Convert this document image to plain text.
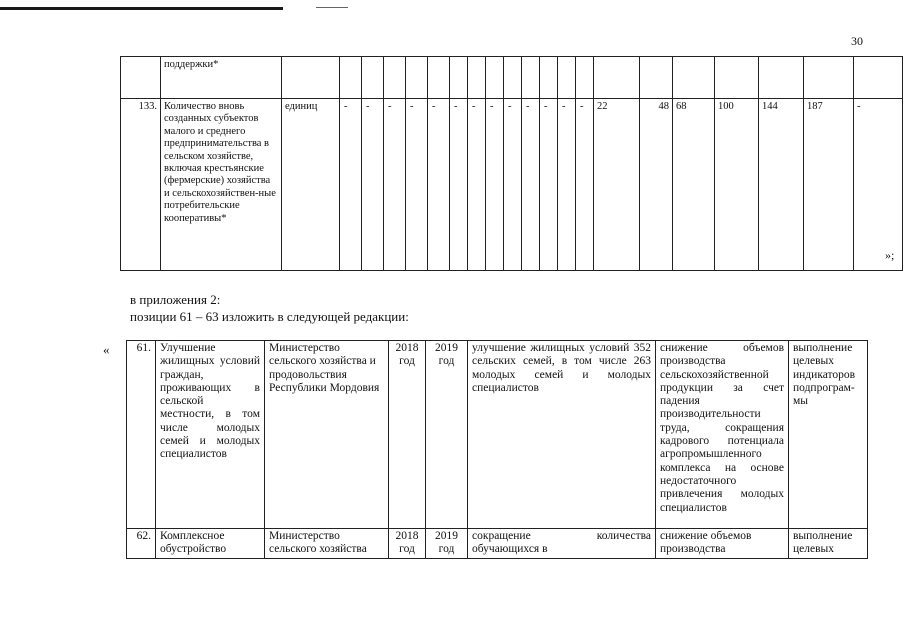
30
	поддержки*																					
133.	Количество вновь созданных субъектов малого и среднего предпринимательства в сельском хозяйстве, включая крестьянские (фермерские) хозяйства и сельскохозяйствен-ные потребительские кооперативы*	единиц	-	-	-	-	-	-	-	-	-	-	-	-	-	22	48	68	100	144	187	-
»;
в приложения 2:
позиции 61 – 63 изложить в следующей редакции:
« 61.	Улучшение жилищных условий граждан, проживающих в сельской местности, в том числе молодых семей и молодых специалистов	Министерство сельского хозяйства и продовольствия Республики Мордовия	2018 год	2019 год	улучшение жилищных условий 352 сельских семей, в том числе 263 молодых семей и молодых специалистов	снижение объемов производства сельскохозяйственной продукции за счет падения производительности труда, сокращения кадрового потенциала агропромышленного комплекса на основе недостаточного привлечения молодых специалистов	выполнение целевых индикаторов подпрограм-мы
62.	Комплексное обустройство	Министерство сельского хозяйства	2018 год	2019 год	сокращение количества обучающихся в	снижение объемов производства	выполнение целевых
